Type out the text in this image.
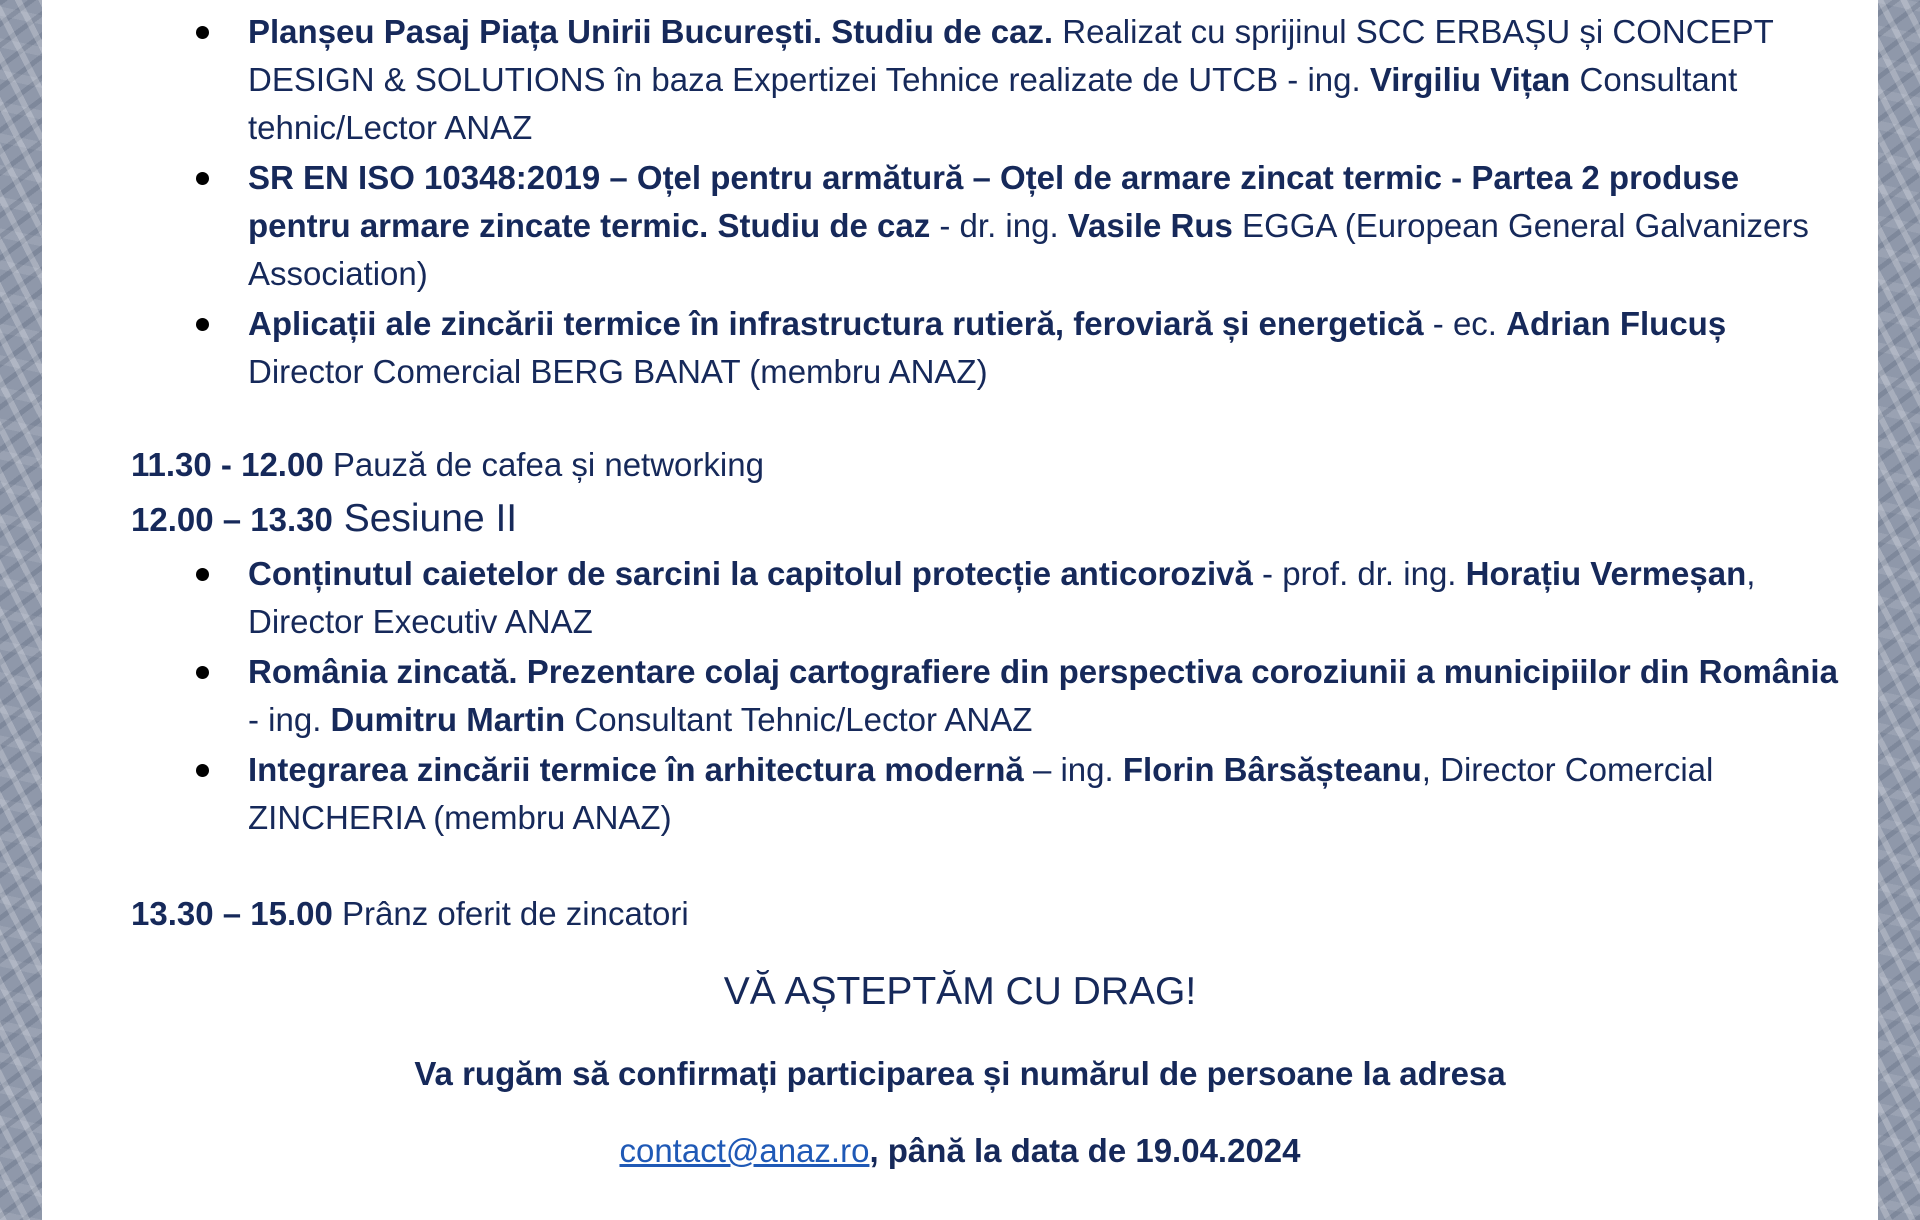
Planșeu Pasaj Piața Unirii București. Studiu de caz. Realizat cu sprijinul SCC ERBAȘU și CONCEPT DESIGN & SOLUTIONS în baza Expertizei Tehnice realizate de UTCB - ing. Virgiliu Vițan Consultant tehnic/Lector ANAZ
SR EN ISO 10348:2019 – Oțel pentru armătură – Oțel de armare zincat termic - Partea 2 produse pentru armare zincate termic. Studiu de caz - dr. ing. Vasile Rus EGGA (European General Galvanizers Association)
Aplicații ale zincării termice în infrastructura rutieră, feroviară și energetică - ec. Adrian Flucuș Director Comercial BERG BANAT (membru ANAZ)
11.30 - 12.00 Pauză de cafea și networking
12.00 – 13.30 Sesiune II
Conținutul caietelor de sarcini la capitolul protecție anticorozivă - prof. dr. ing. Horațiu Vermeșan, Director Executiv ANAZ
România zincată. Prezentare colaj cartografiere din perspectiva coroziunii a municipiilor din România - ing. Dumitru Martin Consultant Tehnic/Lector ANAZ
Integrarea zincării termice în arhitectura modernă – ing. Florin Bârsășteanu, Director Comercial ZINCHERIA (membru ANAZ)
13.30 – 15.00 Prânz oferit de zincatori
VĂ AȘTEPTĂM CU DRAG!
Va rugăm să confirmați participarea și numărul de persoane la adresa
contact@anaz.ro, până la data de 19.04.2024
